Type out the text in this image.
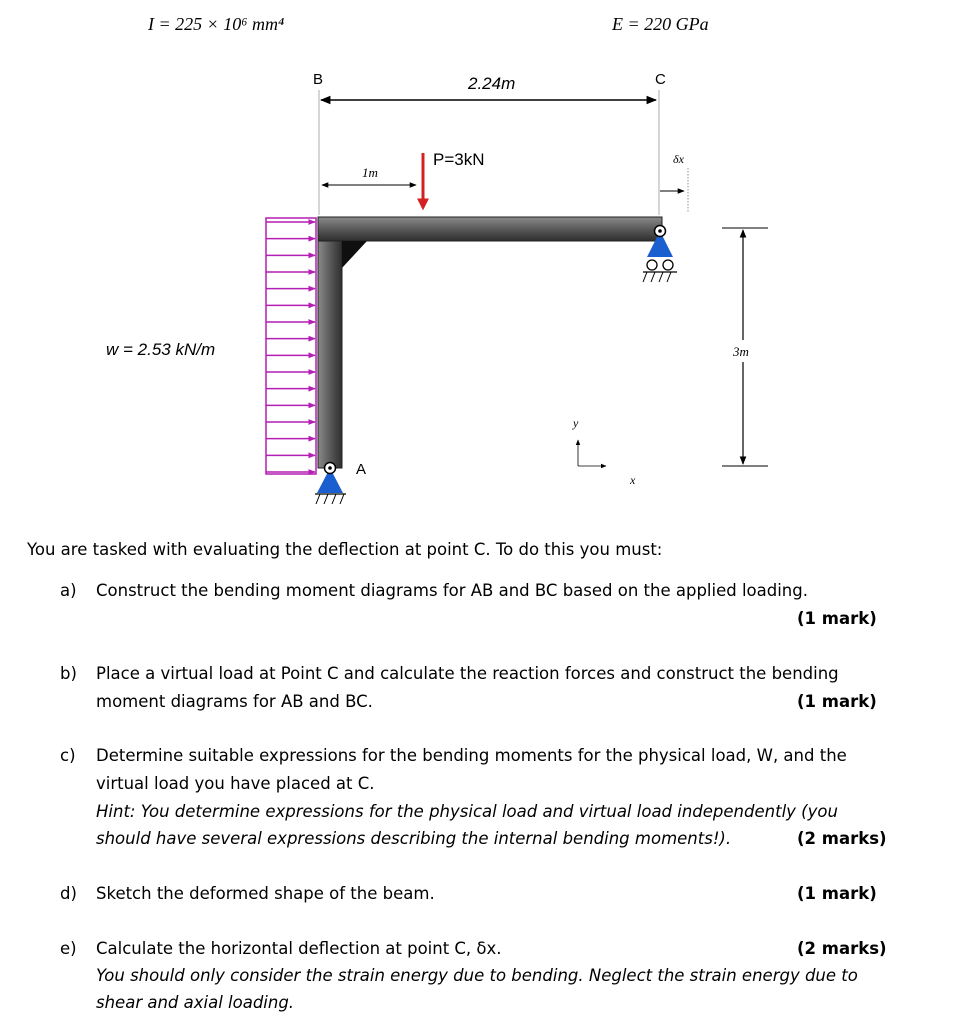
I = 225 × 10⁶ mm⁴	E = 220 GPa
B	2.24m	C
1m
P=3kN	δx
w = 2.53 kN/m
A
3m
y
x
You are tasked with evaluating the deflection at point C. To do this you must:
a)	Construct the bending moment diagrams for AB and BC based on the applied loading.
(1 mark)
b)	Place a virtual load at Point C and calculate the reaction forces and construct the bending
moment diagrams for AB and BC.	(1 mark)
c)	Determine suitable expressions for the bending moments for the physical load, W, and the
virtual load you have placed at C.
Hint: You determine expressions for the physical load and virtual load independently (you
should have several expressions describing the internal bending moments!).	(2 marks)
d)	Sketch the deformed shape of the beam.	(1 mark)
e)	Calculate the horizontal deflection at point C, δx.	(2 marks)
You should only consider the strain energy due to bending. Neglect the strain energy due to
shear and axial loading.
